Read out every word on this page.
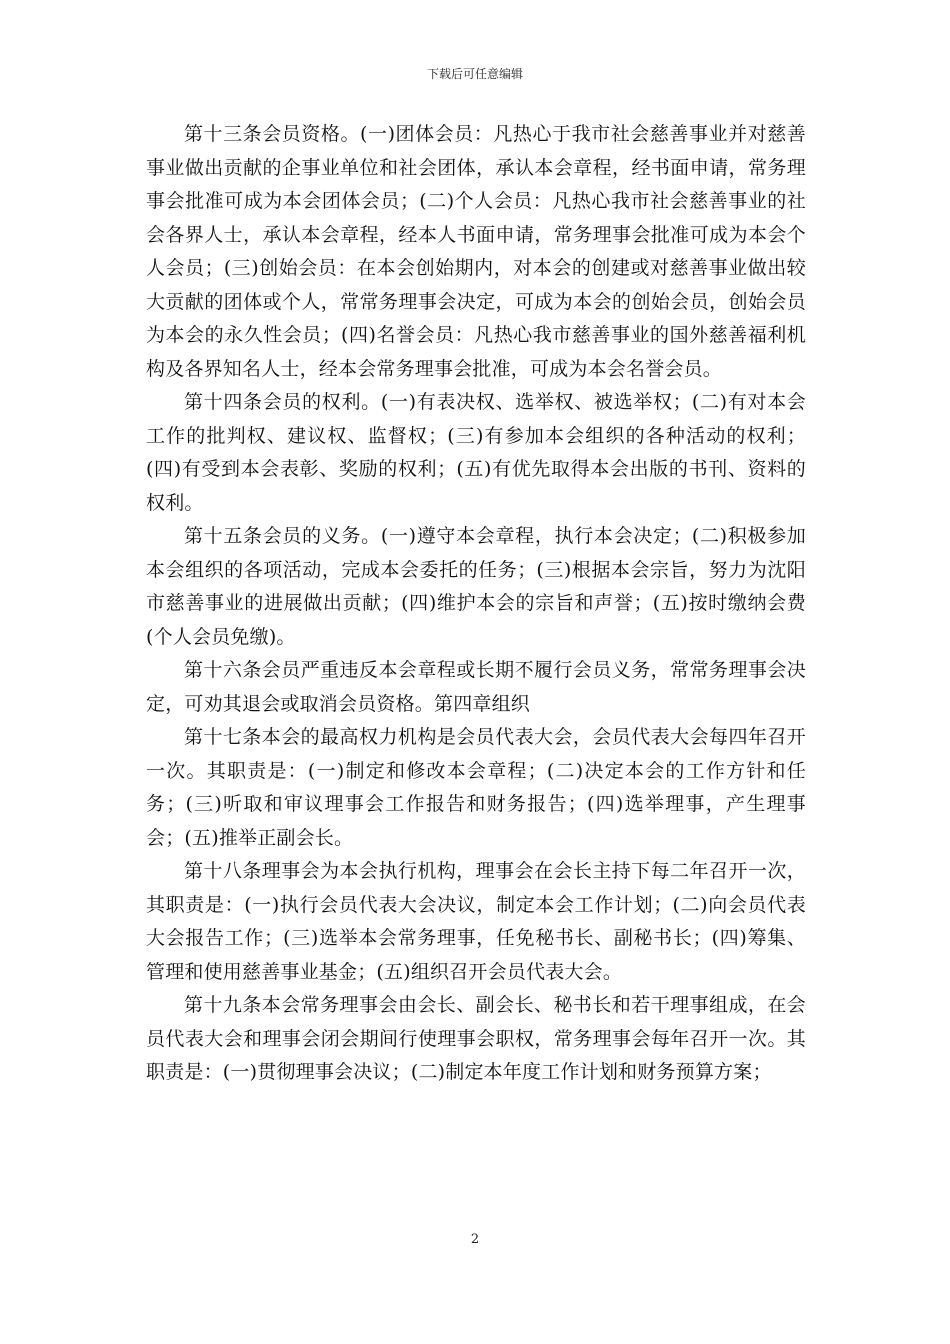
下载后可任意编辑

第十三条会员资格。(一)团体会员：凡热心于我市社会慈善事业并对慈善事业做出贡献的企事业单位和社会团体，承认本会章程，经书面申请，常务理事会批准可成为本会团体会员；(二)个人会员：凡热心我市社会慈善事业的社会各界人士，承认本会章程，经本人书面申请，常务理事会批准可成为本会个人会员；(三)创始会员：在本会创始期内，对本会的创建或对慈善事业做出较大贡献的团体或个人，常常务理事会决定，可成为本会的创始会员，创始会员为本会的永久性会员；(四)名誉会员：凡热心我市慈善事业的国外慈善福利机构及各界知名人士，经本会常务理事会批准，可成为本会名誉会员。

第十四条会员的权利。(一)有表决权、选举权、被选举权；(二)有对本会工作的批判权、建议权、监督权；(三)有参加本会组织的各种活动的权利；(四)有受到本会表彰、奖励的权利；(五)有优先取得本会出版的书刊、资料的权利。

第十五条会员的义务。(一)遵守本会章程，执行本会决定；(二)积极参加本会组织的各项活动，完成本会委托的任务；(三)根据本会宗旨，努力为沈阳市慈善事业的进展做出贡献；(四)维护本会的宗旨和声誉；(五)按时缴纳会费(个人会员免缴)。

第十六条会员严重违反本会章程或长期不履行会员义务，常常务理事会决定，可劝其退会或取消会员资格。第四章组织

第十七条本会的最高权力机构是会员代表大会，会员代表大会每四年召开一次。其职责是：(一)制定和修改本会章程；(二)决定本会的工作方针和任务；(三)听取和审议理事会工作报告和财务报告；(四)选举理事，产生理事会；(五)推举正副会长。

第十八条理事会为本会执行机构，理事会在会长主持下每二年召开一次，其职责是：(一)执行会员代表大会决议，制定本会工作计划；(二)向会员代表大会报告工作；(三)选举本会常务理事，任免秘书长、副秘书长；(四)筹集、管理和使用慈善事业基金；(五)组织召开会员代表大会。

第十九条本会常务理事会由会长、副会长、秘书长和若干理事组成，在会员代表大会和理事会闭会期间行使理事会职权，常务理事会每年召开一次。其职责是：(一)贯彻理事会决议；(二)制定本年度工作计划和财务预算方案；

2
